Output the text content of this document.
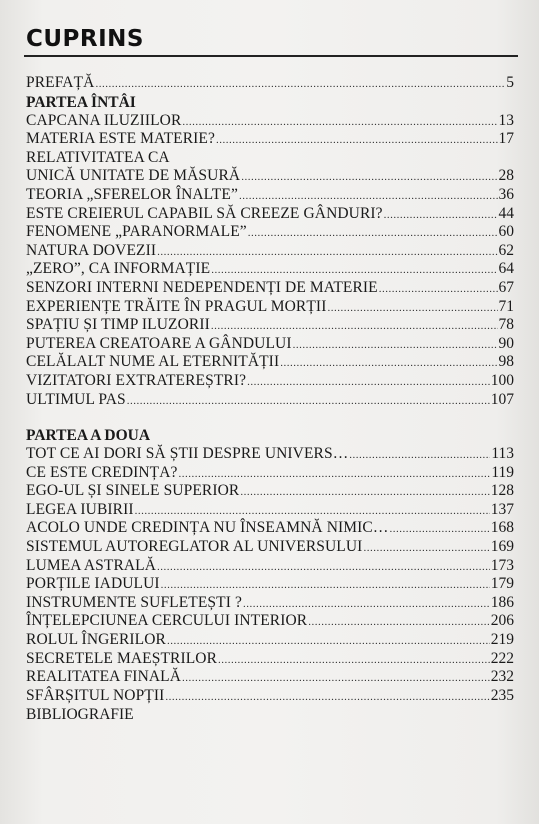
CUPRINS
PREFAȚĂ .....	5
PARTEA ÎNTÂI
CAPCANA ILUZIILOR .....	13
MATERIA ESTE MATERIE? .....	17
RELATIVITATEA CA
UNICĂ UNITATE DE MĂSURĂ .....	28
TEORIA „SFERELOR ÎNALTE” .....	36
ESTE CREIERUL CAPABIL SĂ CREEZE GÂNDURI? .....	44
FENOMENE „PARANORMALE” .....	60
NATURA DOVEZII .....	62
„ZERO”, CA INFORMAȚIE .....	64
SENZORI INTERNI NEDEPENDENȚI DE MATERIE .....	67
EXPERIENȚE TRĂITE ÎN PRAGUL MORȚII .....	71
SPAȚIU ȘI TIMP ILUZORII .....	78
PUTEREA CREATOARE A GÂNDULUI .....	90
CELĂLALT NUME AL ETERNITĂȚII .....	98
VIZITATORI EXTRATEREȘTRI? .....	100
ULTIMUL PAS .....	107
PARTEA A DOUA
TOT CE AI DORI SĂ ȘTII DESPRE UNIVERS… .....	113
CE ESTE CREDINȚA? .....	119
EGO-UL ȘI SINELE SUPERIOR .....	128
LEGEA IUBIRII .....	137
ACOLO UNDE CREDINȚA NU ÎNSEAMNĂ NIMIC… .....	168
SISTEMUL AUTOREGLATOR AL UNIVERSULUI .....	169
LUMEA ASTRALĂ .....	173
PORȚILE IADULUI .....	179
INSTRUMENTE SUFLETEȘTI ? .....	186
ÎNȚELEPCIUNEA CERCULUI INTERIOR .....	206
ROLUL ÎNGERILOR .....	219
SECRETELE MAEȘTRILOR .....	222
REALITATEA FINALĂ .....	232
SFÂRȘITUL NOPȚII .....	235
BIBLIOGRAFIE
